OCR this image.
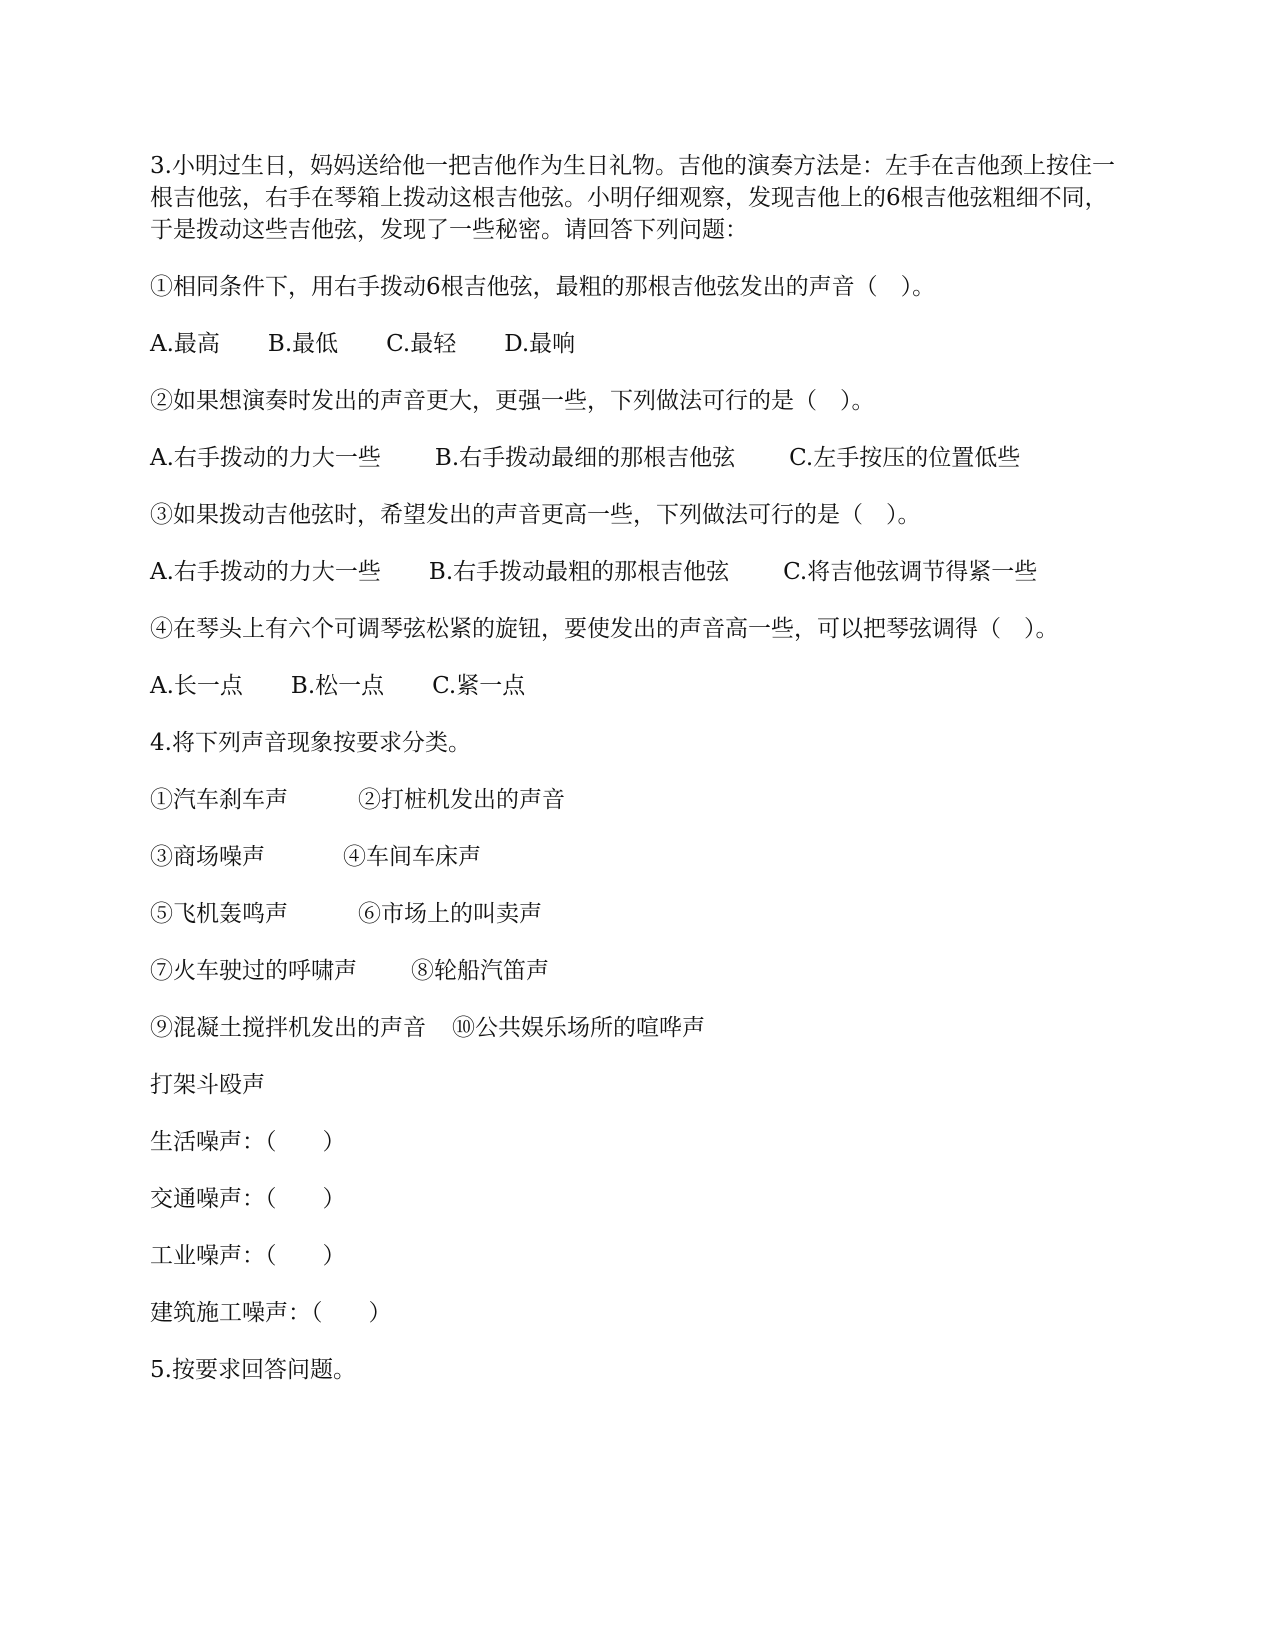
3.小明过生日，妈妈送给他一把吉他作为生日礼物。吉他的演奏方法是：左手在吉他颈上按住一根吉他弦，右手在琴箱上拨动这根吉他弦。小明仔细观察，发现吉他上的6根吉他弦粗细不同，于是拨动这些吉他弦，发现了一些秘密。请回答下列问题：

①相同条件下，用右手拨动6根吉他弦，最粗的那根吉他弦发出的声音（　）。

A.最高 B.最低 C.最轻 D.最响

②如果想演奏时发出的声音更大，更强一些，下列做法可行的是（　）。

A.右手拨动的力大一些 B.右手拨动最细的那根吉他弦 C.左手按压的位置低些

③如果拨动吉他弦时，希望发出的声音更高一些，下列做法可行的是（　）。

A.右手拨动的力大一些 B.右手拨动最粗的那根吉他弦 C.将吉他弦调节得紧一些

④在琴头上有六个可调琴弦松紧的旋钮，要使发出的声音高一些，可以把琴弦调得（　）。

A.长一点 B.松一点 C.紧一点

4.将下列声音现象按要求分类。

①汽车刹车声	②打桩机发出的声音

③商场噪声	④车间车床声

⑤飞机轰鸣声	⑥市场上的叫卖声

⑦火车驶过的呼啸声 ⑧轮船汽笛声

⑨混凝土搅拌机发出的声音 ⑩公共娱乐场所的喧哗声

打架斗殴声

生活噪声：（　　）

交通噪声：（　　）

工业噪声：（　　）

建筑施工噪声：（　　）

5.按要求回答问题。
